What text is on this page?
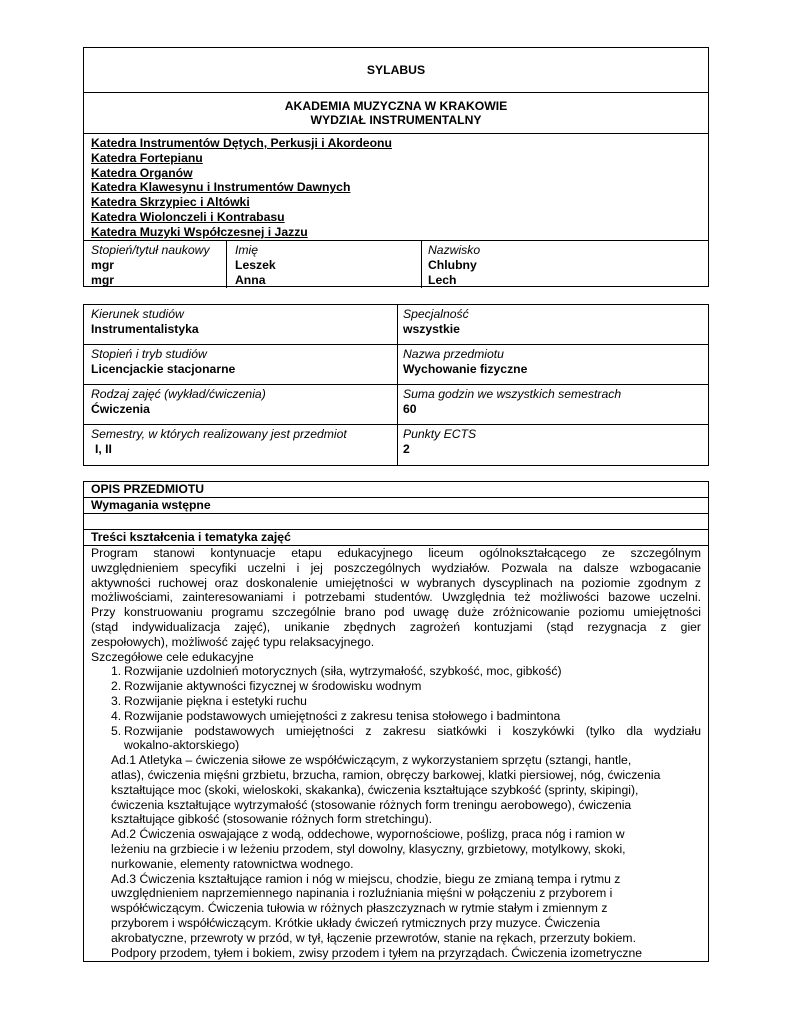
SYLABUS
AKADEMIA MUZYCZNA W KRAKOWIE
WYDZIAŁ INSTRUMENTALNY
Katedra Instrumentów Dętych, Perkusji i Akordeonu
Katedra Fortepianu
Katedra Organów
Katedra Klawesynu i Instrumentów Dawnych
Katedra Skrzypiec i Altówki
Katedra Wiolonczeli i Kontrabasu
Katedra Muzyki Współczesnej i Jazzu
Stopień/tytuł naukowy
mgr
mgr
Imię
Leszek
Anna
Nazwisko
Chlubny
Lech
Kierunek studiów
Instrumentalistyka
Specjalność
wszystkie
Stopień i tryb studiów
Licencjackie stacjonarne
Nazwa przedmiotu
Wychowanie fizyczne
Rodzaj zajęć (wykład/ćwiczenia)
Ćwiczenia
Suma godzin we wszystkich semestrach
60
Semestry, w których realizowany jest przedmiot
I, II
Punkty ECTS
2
OPIS PRZEDMIOTU
Wymagania wstępne
Treści kształcenia i tematyka zajęć
Program stanowi kontynuacje etapu edukacyjnego liceum ogólnokształcącego ze szczególnym
uwzględnieniem specyfiki uczelni i jej poszczególnych wydziałów. Pozwala na dalsze wzbogacanie
aktywności ruchowej oraz doskonalenie umiejętności w wybranych dyscyplinach na poziomie zgodnym z
możliwościami, zainteresowaniami i potrzebami studentów. Uwzględnia też możliwości bazowe uczelni.
Przy konstruowaniu programu szczególnie brano pod uwagę duże zróżnicowanie poziomu umiejętności
(stąd indywidualizacja zajęć), unikanie zbędnych zagrożeń kontuzjami (stąd rezygnacja z gier
zespołowych), możliwość zajęć typu relaksacyjnego.
Szczegółowe cele edukacyjne
1. Rozwijanie uzdolnień motorycznych (siła, wytrzymałość, szybkość, moc, gibkość)
2. Rozwijanie aktywności fizycznej w środowisku wodnym
3. Rozwijanie piękna i estetyki ruchu
4. Rozwijanie podstawowych umiejętności z zakresu tenisa stołowego i badmintona
5. Rozwijanie podstawowych umiejętności z zakresu siatkówki i koszykówki (tylko dla wydziału
wokalno-aktorskiego)
Ad.1 Atletyka – ćwiczenia siłowe ze współćwiczącym, z wykorzystaniem sprzętu (sztangi, hantle,
atlas), ćwiczenia mięśni grzbietu, brzucha, ramion, obręczy barkowej, klatki piersiowej, nóg, ćwiczenia
kształtujące moc (skoki, wieloskoki, skakanka), ćwiczenia kształtujące szybkość (sprinty, skipingi),
ćwiczenia kształtujące wytrzymałość (stosowanie różnych form treningu aerobowego), ćwiczenia
kształtujące gibkość (stosowanie różnych form stretchingu).
Ad.2 Ćwiczenia oswajające z wodą, oddechowe, wypornościowe, poślizg, praca nóg i ramion w
leżeniu na grzbiecie i w leżeniu przodem, styl dowolny, klasyczny, grzbietowy, motylkowy, skoki,
nurkowanie, elementy ratownictwa wodnego.
Ad.3 Ćwiczenia kształtujące ramion i nóg w miejscu, chodzie, biegu ze zmianą tempa i rytmu z
uwzględnieniem naprzemiennego napinania i rozluźniania mięśni w połączeniu z przyborem i
współćwiczącym. Ćwiczenia tułowia w różnych płaszczyznach w rytmie stałym i zmiennym z
przyborem i współćwiczącym. Krótkie układy ćwiczeń rytmicznych przy muzyce. Ćwiczenia
akrobatyczne, przewroty w przód, w tył, łączenie przewrotów, stanie na rękach, przerzuty bokiem.
Podpory przodem, tyłem i bokiem, zwisy przodem i tyłem na przyrządach. Ćwiczenia izometryczne
